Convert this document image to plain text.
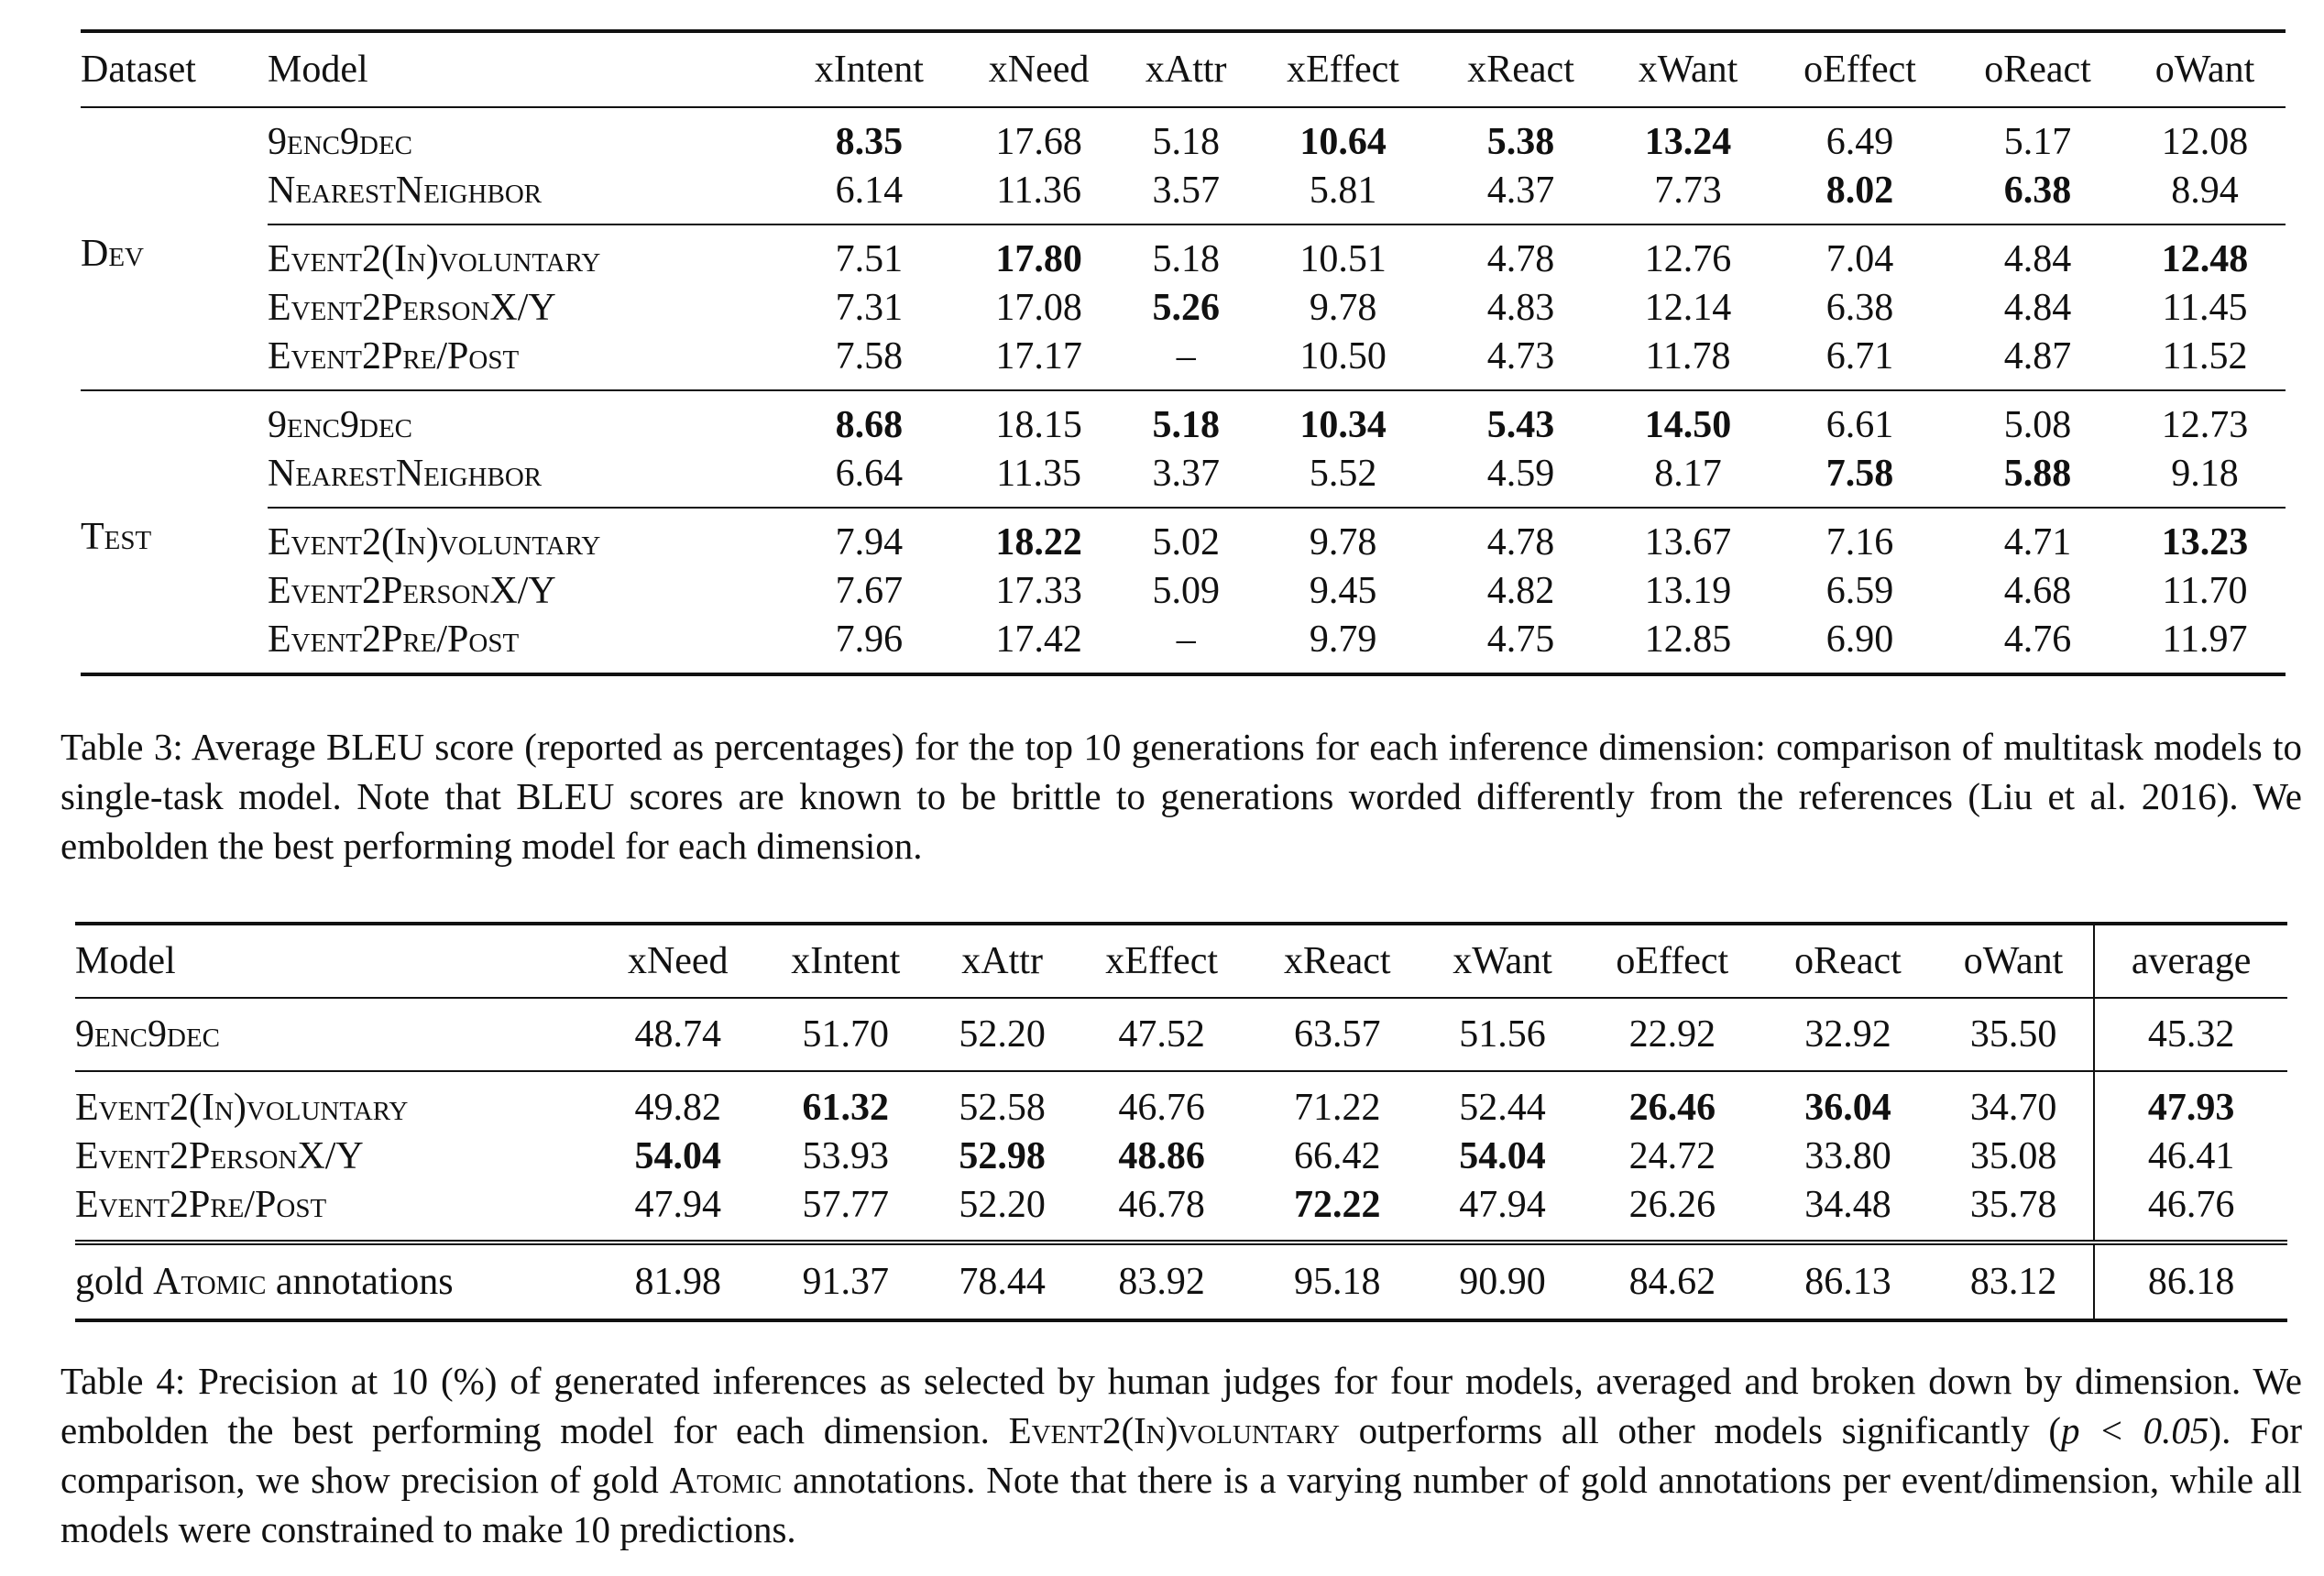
Dataset	Model	xIntent	xNeed	xAttr	xEffect	xReact	xWant	oEffect	oReact	oWant
Dev	9enc9dec	8.35	17.68	5.18	10.64	5.38	13.24	6.49	5.17	12.08
	NearestNeighbor	6.14	11.36	3.57	5.81	4.37	7.73	8.02	6.38	8.94
	Event2(In)voluntary	7.51	17.80	5.18	10.51	4.78	12.76	7.04	4.84	12.48
	Event2PersonX/Y	7.31	17.08	5.26	9.78	4.83	12.14	6.38	4.84	11.45
	Event2Pre/Post	7.58	17.17	–	10.50	4.73	11.78	6.71	4.87	11.52
Test	9enc9dec	8.68	18.15	5.18	10.34	5.43	14.50	6.61	5.08	12.73
	NearestNeighbor	6.64	11.35	3.37	5.52	4.59	8.17	7.58	5.88	9.18
	Event2(In)voluntary	7.94	18.22	5.02	9.78	4.78	13.67	7.16	4.71	13.23
	Event2PersonX/Y	7.67	17.33	5.09	9.45	4.82	13.19	6.59	4.68	11.70
	Event2Pre/Post	7.96	17.42	–	9.79	4.75	12.85	6.90	4.76	11.97
Table 3: Average BLEU score (reported as percentages) for the top 10 generations for each inference dimension: comparison of multitask models to single-task model. Note that BLEU scores are known to be brittle to generations worded differently from the references (Liu et al. 2016). We embolden the best performing model for each dimension.
Model	xNeed	xIntent	xAttr	xEffect	xReact	xWant	oEffect	oReact	oWant	average
9enc9dec	48.74	51.70	52.20	47.52	63.57	51.56	22.92	32.92	35.50	45.32
Event2(In)voluntary	49.82	61.32	52.58	46.76	71.22	52.44	26.46	36.04	34.70	47.93
Event2PersonX/Y	54.04	53.93	52.98	48.86	66.42	54.04	24.72	33.80	35.08	46.41
Event2Pre/Post	47.94	57.77	52.20	46.78	72.22	47.94	26.26	34.48	35.78	46.76
gold Atomic annotations	81.98	91.37	78.44	83.92	95.18	90.90	84.62	86.13	83.12	86.18
Table 4: Precision at 10 (%) of generated inferences as selected by human judges for four models, averaged and broken down by dimension. We embolden the best performing model for each dimension. Event2(In)voluntary outperforms all other models significantly (p < 0.05). For comparison, we show precision of gold Atomic annotations. Note that there is a varying number of gold annotations per event/dimension, while all models were constrained to make 10 predictions.
